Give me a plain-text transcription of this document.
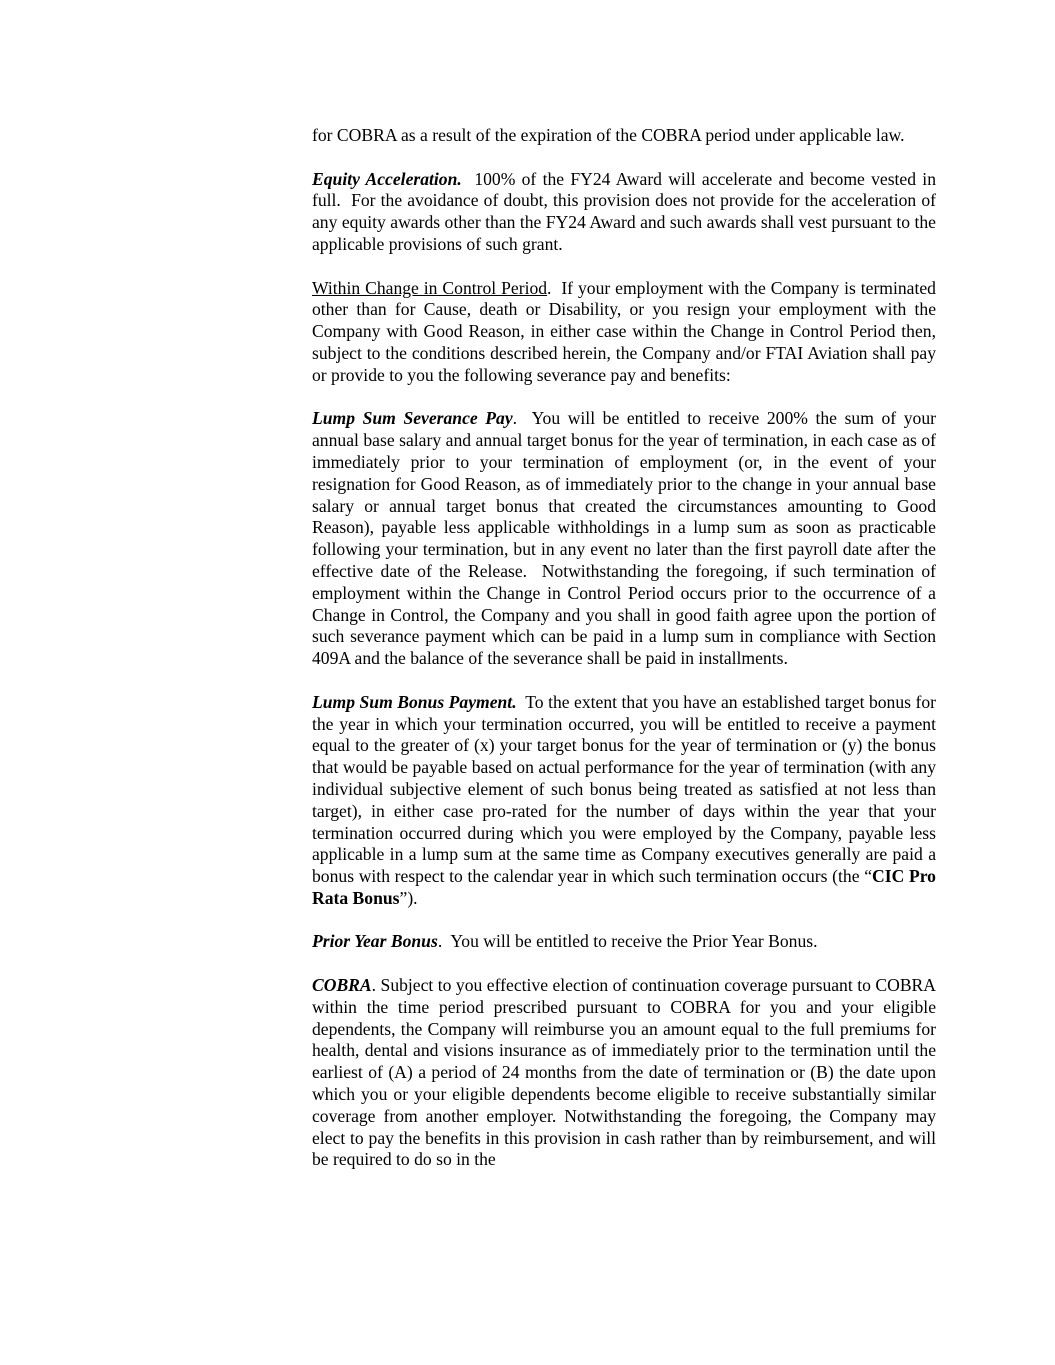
for COBRA as a result of the expiration of the COBRA period under applicable law.

Equity Acceleration.  100% of the FY24 Award will accelerate and become vested in full.  For the avoidance of doubt, this provision does not provide for the acceleration of any equity awards other than the FY24 Award and such awards shall vest pursuant to the applicable provisions of such grant.

Within Change in Control Period.  If your employment with the Company is terminated other than for Cause, death or Disability, or you resign your employment with the Company with Good Reason, in either case within the Change in Control Period then, subject to the conditions described herein, the Company and/or FTAI Aviation shall pay or provide to you the following severance pay and benefits:

Lump Sum Severance Pay.  You will be entitled to receive 200% the sum of your annual base salary and annual target bonus for the year of termination, in each case as of immediately prior to your termination of employment (or, in the event of your resignation for Good Reason, as of immediately prior to the change in your annual base salary or annual target bonus that created the circumstances amounting to Good Reason), payable less applicable withholdings in a lump sum as soon as practicable following your termination, but in any event no later than the first payroll date after the effective date of the Release.  Notwithstanding the foregoing, if such termination of employment within the Change in Control Period occurs prior to the occurrence of a Change in Control, the Company and you shall in good faith agree upon the portion of such severance payment which can be paid in a lump sum in compliance with Section 409A and the balance of the severance shall be paid in installments.

Lump Sum Bonus Payment.  To the extent that you have an established target bonus for the year in which your termination occurred, you will be entitled to receive a payment equal to the greater of (x) your target bonus for the year of termination or (y) the bonus that would be payable based on actual performance for the year of termination (with any individual subjective element of such bonus being treated as satisfied at not less than target), in either case pro-rated for the number of days within the year that your termination occurred during which you were employed by the Company, payable less applicable in a lump sum at the same time as Company executives generally are paid a bonus with respect to the calendar year in which such termination occurs (the “CIC Pro Rata Bonus”).

Prior Year Bonus.  You will be entitled to receive the Prior Year Bonus.

COBRA. Subject to you effective election of continuation coverage pursuant to COBRA within the time period prescribed pursuant to COBRA for you and your eligible dependents, the Company will reimburse you an amount equal to the full premiums for health, dental and visions insurance as of immediately prior to the termination until the earliest of (A) a period of 24 months from the date of termination or (B) the date upon which you or your eligible dependents become eligible to receive substantially similar coverage from another employer. Notwithstanding the foregoing, the Company may elect to pay the benefits in this provision in cash rather than by reimbursement, and will be required to do so in the
